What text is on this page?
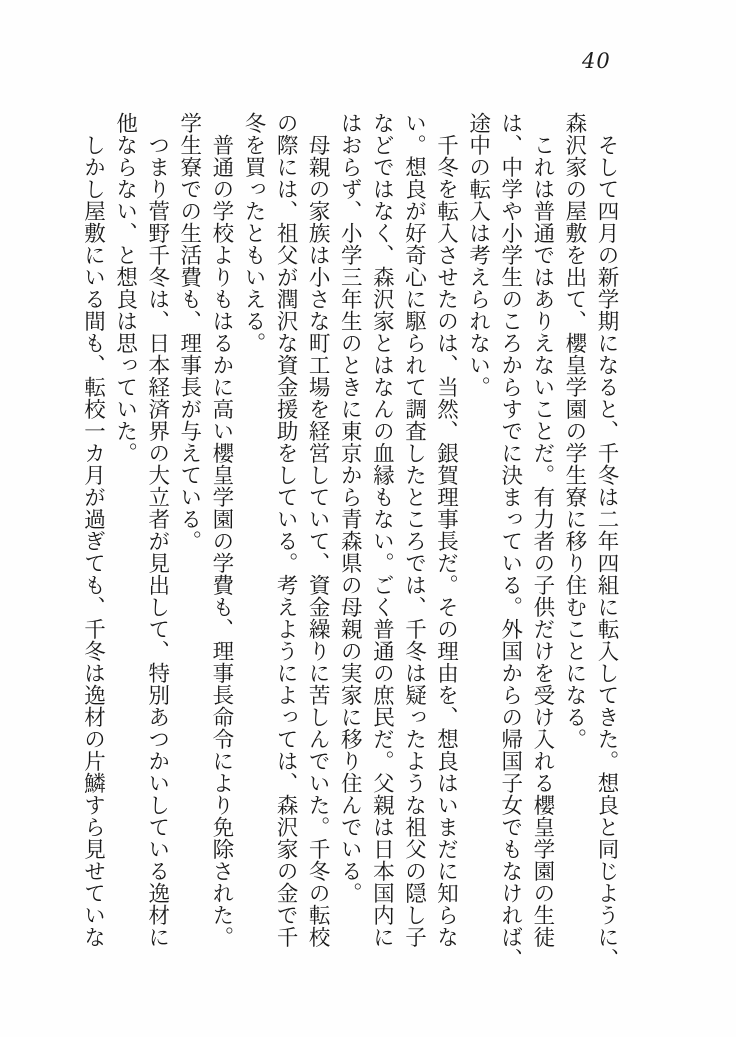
40

　そして四月の新学期になると、千冬は二年四組に転入してきた。想良と同じように、

森沢家の屋敷を出て、櫻皇学園の学生寮に移り住むことになる。

　これは普通ではありえないことだ。有力者の子供だけを受け入れる櫻皇学園の生徒

は、中学や小学生のころからすでに決まっている。外国からの帰国子女でもなければ、

途中の転入は考えられない。

　千冬を転入させたのは、当然、銀賀理事長だ。その理由を、想良はいまだに知らな

い。想良が好奇心に駆られて調査したところでは、千冬は疑ったような祖父の隠し子

などではなく、森沢家とはなんの血縁もない。ごく普通の庶民だ。父親は日本国内に

はおらず、小学三年生のときに東京から青森県の母親の実家に移り住んでいる。

　母親の家族は小さな町工場を経営していて、資金繰りに苦しんでいた。千冬の転校

の際には、祖父が潤沢な資金援助をしている。考えようによっては、森沢家の金で千

冬を買ったともいえる。

　普通の学校よりもはるかに高い櫻皇学園の学費も、理事長命令により免除された。

学生寮での生活費も、理事長が与えている。

　つまり菅野千冬は、日本経済界の大立者が見出して、特別あつかいしている逸材に

他ならない、と想良は思っていた。

　しかし屋敷にいる間も、転校一カ月が過ぎても、千冬は逸材の片鱗すら見せていな
